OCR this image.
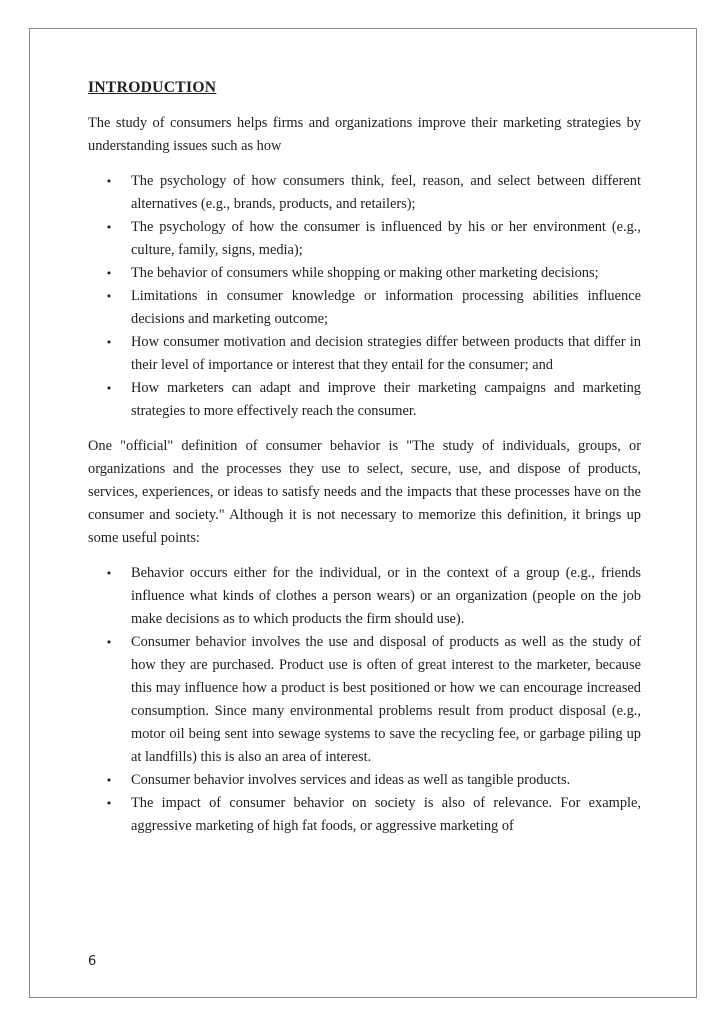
INTRODUCTION

The study of consumers helps firms and organizations improve their marketing strategies by understanding issues such as how

• The psychology of how consumers think, feel, reason, and select between different alternatives (e.g., brands, products, and retailers);
• The psychology of how the consumer is influenced by his or her environment (e.g., culture, family, signs, media);
• The behavior of consumers while shopping or making other marketing decisions;
• Limitations in consumer knowledge or information processing abilities influence decisions and marketing outcome;
• How consumer motivation and decision strategies differ between products that differ in their level of importance or interest that they entail for the consumer; and
• How marketers can adapt and improve their marketing campaigns and marketing strategies to more effectively reach the consumer.

One "official" definition of consumer behavior is "The study of individuals, groups, or organizations and the processes they use to select, secure, use, and dispose of products, services, experiences, or ideas to satisfy needs and the impacts that these processes have on the consumer and society." Although it is not necessary to memorize this definition, it brings up some useful points:

• Behavior occurs either for the individual, or in the context of a group (e.g., friends influence what kinds of clothes a person wears) or an organization (people on the job make decisions as to which products the firm should use).
• Consumer behavior involves the use and disposal of products as well as the study of how they are purchased. Product use is often of great interest to the marketer, because this may influence how a product is best positioned or how we can encourage increased consumption. Since many environmental problems result from product disposal (e.g., motor oil being sent into sewage systems to save the recycling fee, or garbage piling up at landfills) this is also an area of interest.
• Consumer behavior involves services and ideas as well as tangible products.
• The impact of consumer behavior on society is also of relevance. For example, aggressive marketing of high fat foods, or aggressive marketing of
6
